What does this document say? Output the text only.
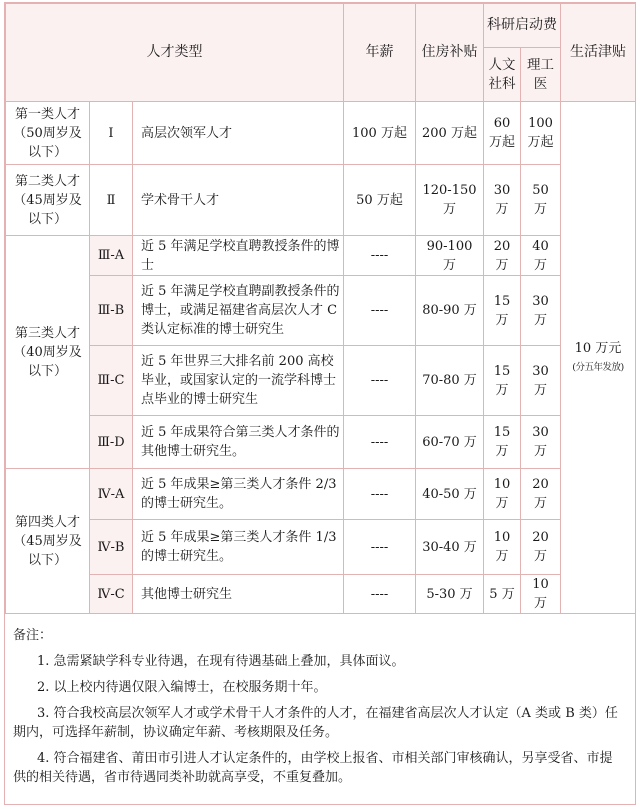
人才类型			年薪	住房补贴	科研启动费		生活津贴
					人文社科	理工医	
第一类人才（50周岁及以下）	Ⅰ	高层次领军人才	100 万起	200 万起	60 万起	100 万起	10 万元
(分五年发放)

第二类人才（45周岁及以下）	Ⅱ	学术骨干人才	50 万起	120-150 万	30 万	50 万	
第三类人才（40周岁及以下）	Ⅲ-A	近 5 年满足学校直聘教授条件的博士	----	90-100 万	20 万	40 万	
	Ⅲ-B	近 5 年满足学校直聘副教授条件的博士，或满足福建省高层次人才 C 类认定标准的博士研究生	----	80-90 万	15 万	30 万	
	Ⅲ-C	近 5 年世界三大排名前 200 高校毕业，或国家认定的一流学科博士点毕业的博士研究生	----	70-80 万	15 万	30 万	
	Ⅲ-D	近 5 年成果符合第三类人才条件的其他博士研究生。	----	60-70 万	15 万	30 万	
第四类人才（45周岁及以下）	Ⅳ-A	近 5 年成果≥第三类人才条件 2/3 的博士研究生。	----	40-50 万	10 万	20 万	
	Ⅳ-B	近 5 年成果≥第三类人才条件 1/3 的博士研究生。	----	30-40 万	10 万	20 万	
	Ⅳ-C	其他博士研究生	----	5-30 万	5 万	10 万	
备注：
1. 急需紧缺学科专业待遇，在现有待遇基础上叠加，具体面议。
2. 以上校内待遇仅限入编博士，在校服务期十年。
3. 符合我校高层次领军人才或学术骨干人才条件的人才，在福建省高层次人才认定（A 类或 B 类）任期内，可选择年薪制，协议确定年薪、考核期限及任务。
4. 符合福建省、莆田市引进人才认定条件的，由学校上报省、市相关部门审核确认，另享受省、市提供的相关待遇，省市待遇同类补助就高享受，不重复叠加。
